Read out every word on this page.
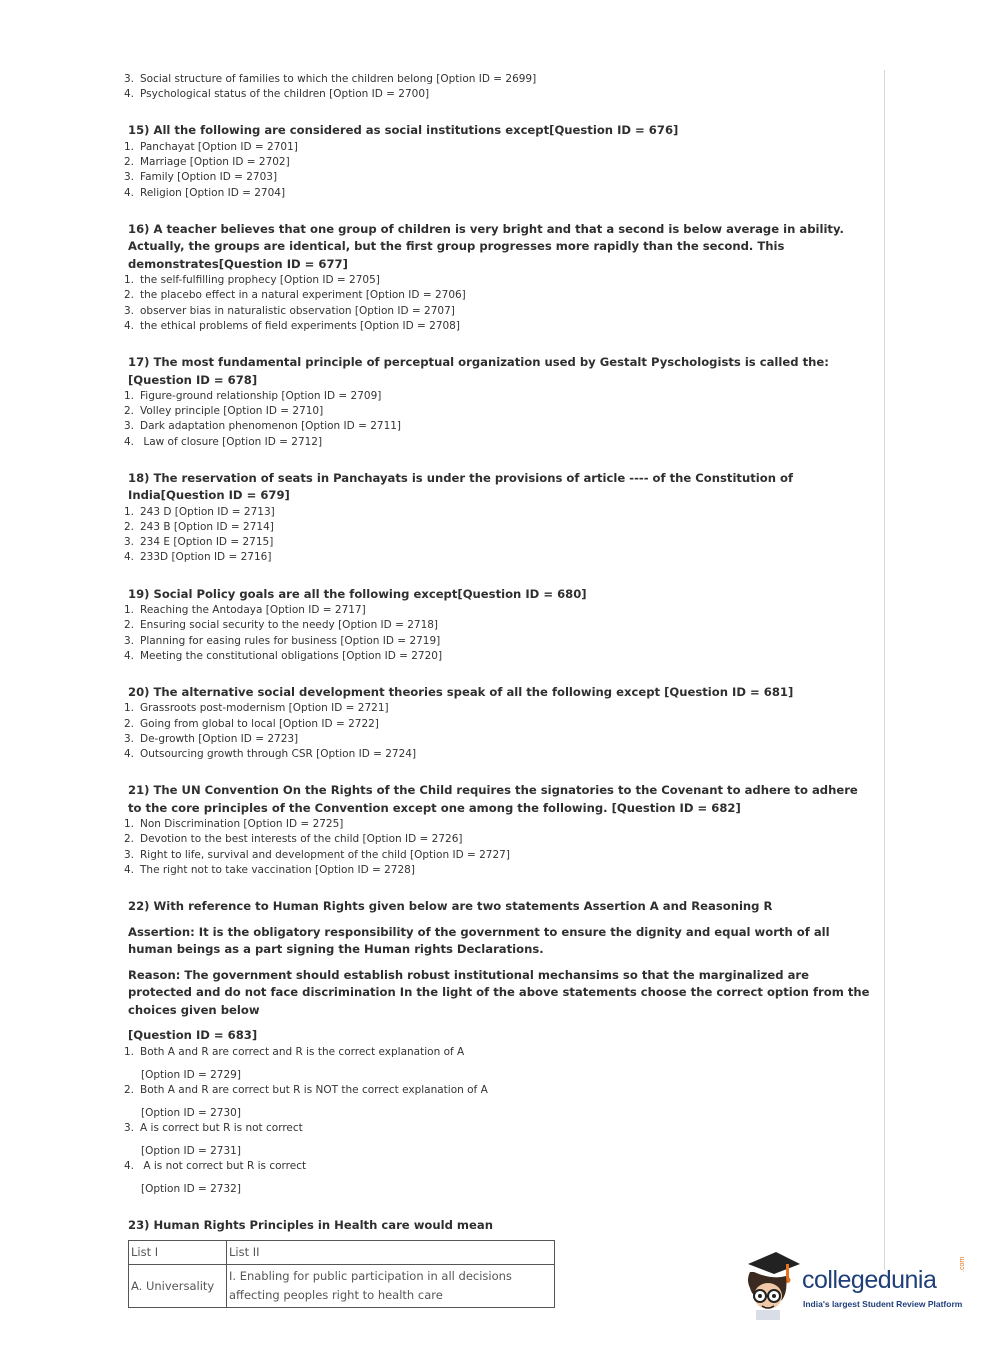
3. Social structure of families to which the children belong [Option ID = 2699]
4. Psychological status of the children [Option ID = 2700]
15) All the following are considered as social institutions except[Question ID = 676]
1. Panchayat [Option ID = 2701]
2. Marriage [Option ID = 2702]
3. Family [Option ID = 2703]
4. Religion [Option ID = 2704]
16) A teacher believes that one group of children is very bright and that a second is below average in ability. Actually, the groups are identical, but the first group progresses more rapidly than the second. This demonstrates[Question ID = 677]
1. the self-fulfilling prophecy [Option ID = 2705]
2. the placebo effect in a natural experiment [Option ID = 2706]
3. observer bias in naturalistic observation [Option ID = 2707]
4. the ethical problems of field experiments [Option ID = 2708]
17) The most fundamental principle of perceptual organization used by Gestalt Pyschologists is called the:[Question ID = 678]
1. Figure-ground relationship [Option ID = 2709]
2. Volley principle [Option ID = 2710]
3. Dark adaptation phenomenon [Option ID = 2711]
4. Law of closure [Option ID = 2712]
18) The reservation of seats in Panchayats is under the provisions of article ---- of the Constitution of India[Question ID = 679]
1. 243 D [Option ID = 2713]
2. 243 B [Option ID = 2714]
3. 234 E [Option ID = 2715]
4. 233D [Option ID = 2716]
19) Social Policy goals are all the following except[Question ID = 680]
1. Reaching the Antodaya [Option ID = 2717]
2. Ensuring social security to the needy [Option ID = 2718]
3. Planning for easing rules for business [Option ID = 2719]
4. Meeting the constitutional obligations [Option ID = 2720]
20) The alternative social development theories speak of all the following except [Question ID = 681]
1. Grassroots post-modernism [Option ID = 2721]
2. Going from global to local [Option ID = 2722]
3. De-growth [Option ID = 2723]
4. Outsourcing growth through CSR [Option ID = 2724]
21) The UN Convention On the Rights of the Child requires the signatories to the Covenant to adhere to adhere to the core principles of the Convention except one among the following. [Question ID = 682]
1. Non Discrimination [Option ID = 2725]
2. Devotion to the best interests of the child [Option ID = 2726]
3. Right to life, survival and development of the child [Option ID = 2727]
4. The right not to take vaccination [Option ID = 2728]
22) With reference to Human Rights given below are two statements Assertion A and Reasoning R
Assertion: It is the obligatory responsibility of the government to ensure the dignity and equal worth of all human beings as a part signing the Human rights Declarations.
Reason: The government should establish robust institutional mechansims so that the marginalized are protected and do not face discrimination In the light of the above statements choose the correct option from the choices given below
[Question ID = 683]
1. Both A and R are correct and R is the correct explanation of A
[Option ID = 2729]
2. Both A and R are correct but R is NOT the correct explanation of A
[Option ID = 2730]
3. A is correct but R is not correct
[Option ID = 2731]
4. A is not correct but R is correct
[Option ID = 2732]
23) Human Rights Principles in Health care would mean
List I	List II
A. Universality	I. Enabling for public participation in all decisions affecting peoples right to health care
collegedunia
.com
India's largest Student Review Platform
